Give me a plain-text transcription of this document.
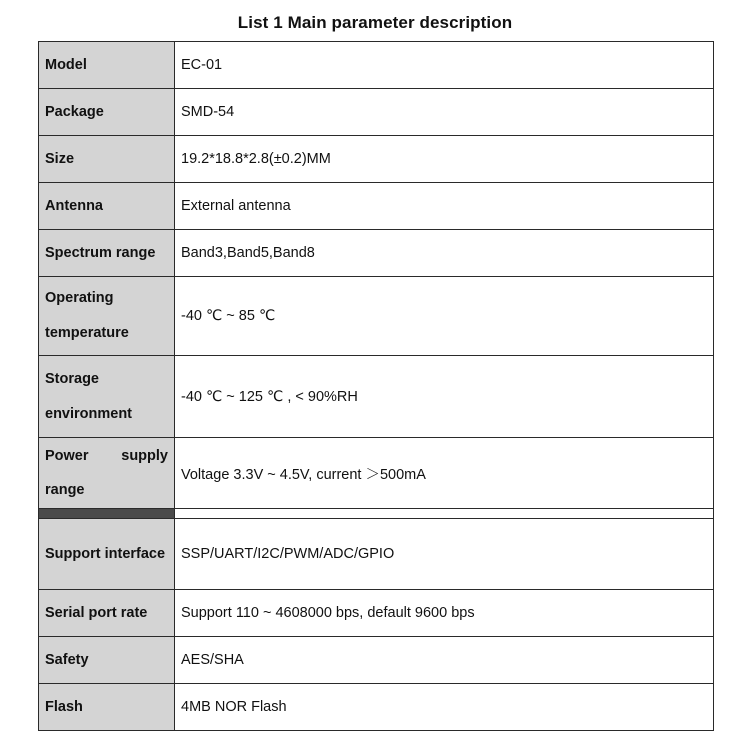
List 1 Main parameter description
Model	EC-01
Package	SMD-54
Size	19.2*18.8*2.8(±0.2)MM
Antenna	External antenna
Spectrum range	Band3,Band5,Band8
Operating temperature	-40 ℃ ~ 85 ℃
Storage environment	-40 ℃ ~ 125 ℃ , < 90%RH
Power supply range	Voltage 3.3V ~ 4.5V, current ＞500mA

Support interface	SSP/UART/I2C/PWM/ADC/GPIO
Serial port rate	Support 110 ~ 4608000 bps, default 9600 bps
Safety	AES/SHA
Flash	4MB NOR Flash
